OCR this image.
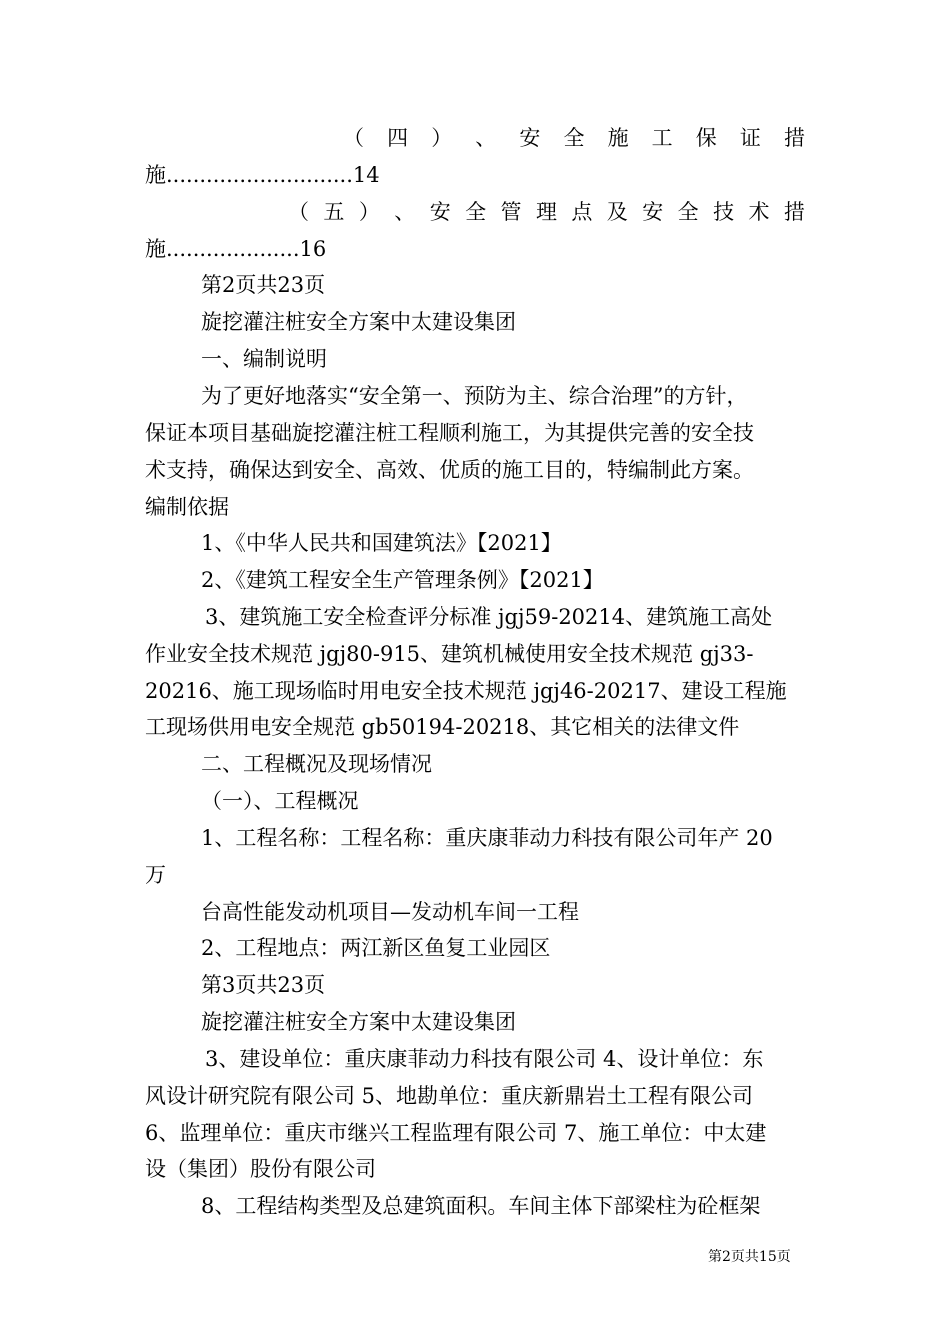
（ 四 ） 、 安 全 施 工 保 证 措
施............................14
（ 五 ） 、 安 全 管 理 点 及 安 全 技 术 措
施....................16
第2页共23页
旋挖灌注桩安全方案中太建设集团
一、编制说明
为了更好地落实“安全第一、预防为主、综合治理”的方针，
保证本项目基础旋挖灌注桩工程顺利施工，为其提供完善的安全技
术支持，确保达到安全、高效、优质的施工目的，特编制此方案。
编制依据
1、《中华人民共和国建筑法》【2021】
2、《建筑工程安全生产管理条例》【2021】
3、建筑施工安全检查评分标准 jgj59-20214、建筑施工高处
作业安全技术规范 jgj80-915、建筑机械使用安全技术规范 gj33-
20216、施工现场临时用电安全技术规范 jgj46-20217、建设工程施
工现场供用电安全规范 gb50194-20218、其它相关的法律文件
二、工程概况及现场情况
（一）、工程概况
1、工程名称：工程名称：重庆康菲动力科技有限公司年产 20
万
台高性能发动机项目—发动机车间一工程
2、工程地点：两江新区鱼复工业园区
第3页共23页
旋挖灌注桩安全方案中太建设集团
3、建设单位：重庆康菲动力科技有限公司 4、设计单位：东
风设计研究院有限公司 5、地勘单位：重庆新鼎岩土工程有限公司
6、监理单位：重庆市继兴工程监理有限公司 7、施工单位：中太建
设（集团）股份有限公司
8、工程结构类型及总建筑面积。车间主体下部梁柱为砼框架
第2页共15页
